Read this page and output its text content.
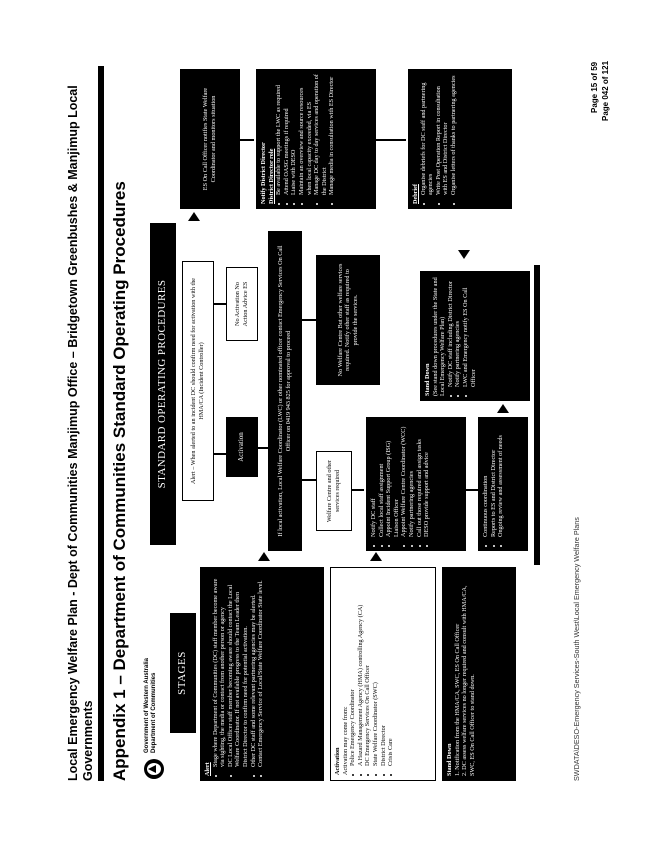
Local Emergency Welfare Plan - Dept of Communities Manjimup Office – Bridgetown Greenbushes & Manjimup Local Governments Appendix 1 – Department of Communities Standard Operating Procedures	Government of Western Australia Department of Communities	STAGES
Alert
• Stage where Department of Communities (DC) staff member become aware via sighting, the media or contact from another person or agency • DC Local Officer staff member becoming aware should contact the Local Welfare Coordinator. If not available progress to the Team Leader then District Director to confirm need for potential activation. • Other DC staff and some relevant partnering agencies may be alerted. • Contact Emergency Service of Local/State Welfare Coordinator State level.	Activation Activation may come from: • Police Emergency Coordinator • A Hazard Management Agency (HMA) controlling Agency (CA) • DC Emergency Services On Call Officer • State Welfare Coordinator (SWC) • District Director • Crisis Care	Stand Down 1. Notification from the HMA/CA, SWC, ES On Call Officer 2. DC assess welfare services no longer required and consult with HMA/CA, SWC, ES On Call Officer to stand down.
STANDARD OPERATING PROCEDURES	Alert – When alerted to an incident DC should confirm need for activation with the HMA/CA (Incident Controller)
Activation
No Activation No Action Advice ES	If local activation, Local Welfare Coordinator (LWC) or other nominated officer contact Emergency Services On Call Officer on 0419 943 825 for approval to proceed
Welfare Centre and other services required
No Welfare Centre But other welfare services required. Notify other staff as required to provide the services.
• Notify DC staff • Collect local staff assignment • Appoint Incident Support Group (ISG) Liaison Officer • Appoint Welfare Centre Coordinator (WCC) • Notify partnering agencies • Call out those required and assign tasks • DESO provide support and advice	• Continuous coordination • Reports to ES and District Director • Ongoing review and assessment of needs
Stand Down (See stand down procedures under the State and Local Emergency Welfare Plan) • Notify DC staff including District Director • Notify partnering agencies • LWC and Emergency notify ES On Call Officer
ES On Call Officer notifies State Welfare Coordinator and monitors situation	Notify District Director District Director role • Be available to support the LWC as required • Attend OASG meetings if required • Liaise with DESO • Maintain an overview and source resources when local capacity exceeded, via ES • Manage DC day to day services and operation of the District • Manage media in consultation with ES Director	Debrief • Organise debriefs for DC staff and partnering agencies • Write Post Operation Report in consultation with ES and District Director • Organise letters of thanks to partnering agencies
SWDATA\DESO-Emergency Services-South West\Local Emergency Welfare Plans
Page 15 of 59 Page 042 of 121
